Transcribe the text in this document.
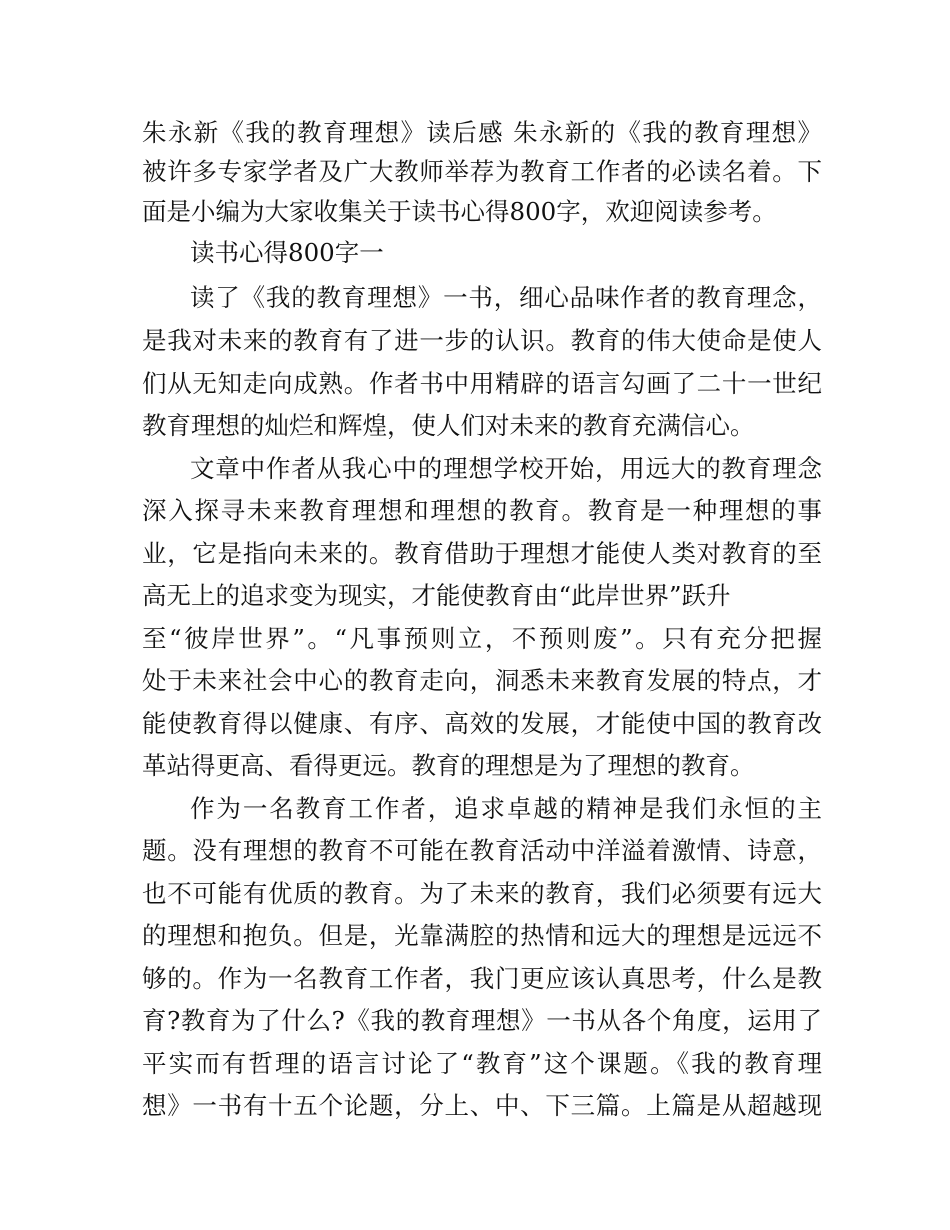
朱永新《我的教育理想》读后感 朱永新的《我的教育理想》
被许多专家学者及广大教师举荐为教育工作者的必读名着。下
面是小编为大家收集关于读书心得800字，欢迎阅读参考。
读书心得800字一
读了《我的教育理想》一书，细心品味作者的教育理念，
是我对未来的教育有了进一步的认识。教育的伟大使命是使人
们从无知走向成熟。作者书中用精辟的语言勾画了二十一世纪
教育理想的灿烂和辉煌，使人们对未来的教育充满信心。
文章中作者从我心中的理想学校开始，用远大的教育理念
深入探寻未来教育理想和理想的教育。教育是一种理想的事
业，它是指向未来的。教育借助于理想才能使人类对教育的至
高无上的追求变为现实，才能使教育由“此岸世界”跃升
至“彼岸世界”。“凡事预则立，不预则废”。只有充分把握
处于未来社会中心的教育走向，洞悉未来教育发展的特点，才
能使教育得以健康、有序、高效的发展，才能使中国的教育改
革站得更高、看得更远。教育的理想是为了理想的教育。
作为一名教育工作者，追求卓越的精神是我们永恒的主
题。没有理想的教育不可能在教育活动中洋溢着激情、诗意，
也不可能有优质的教育。为了未来的教育，我们必须要有远大
的理想和抱负。但是，光靠满腔的热情和远大的理想是远远不
够的。作为一名教育工作者，我门更应该认真思考，什么是教
育?教育为了什么?《我的教育理想》一书从各个角度，运用了
平实而有哲理的语言讨论了“教育”这个课题。《我的教育理
想》一书有十五个论题，分上、中、下三篇。上篇是从超越现
